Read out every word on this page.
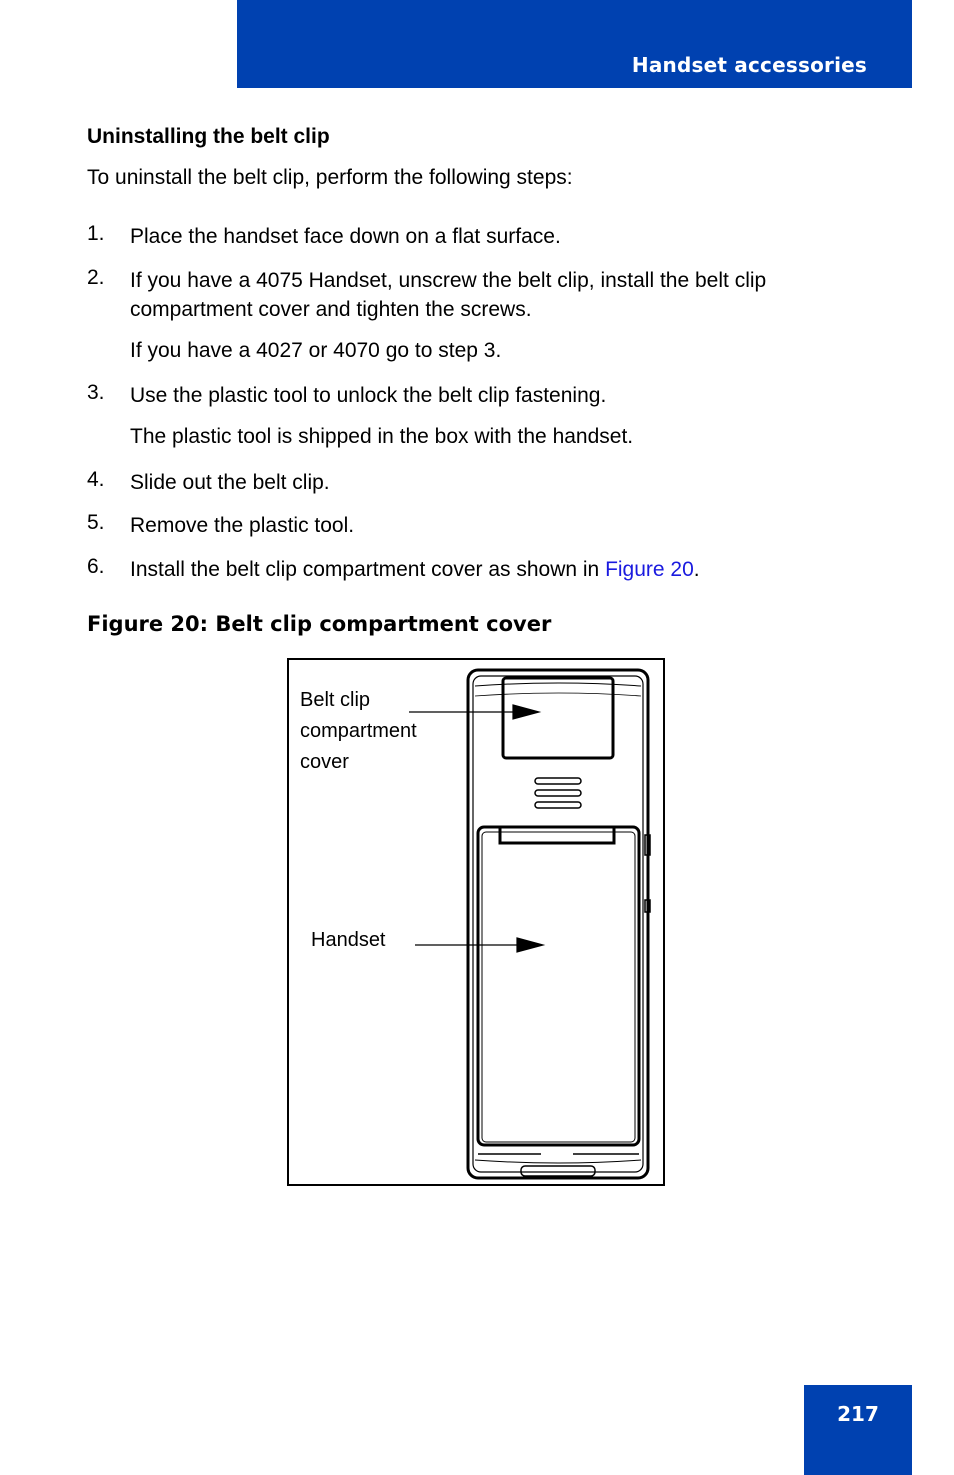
Handset accessories
Uninstalling the belt clip
To uninstall the belt clip, perform the following steps:
1. Place the handset face down on a flat surface.
2. If you have a 4075 Handset, unscrew the belt clip, install the belt clip
compartment cover and tighten the screws.
If you have a 4027 or 4070 go to step 3.
3. Use the plastic tool to unlock the belt clip fastening.
The plastic tool is shipped in the box with the handset.
4. Slide out the belt clip.
5. Remove the plastic tool.
6. Install the belt clip compartment cover as shown in Figure 20.
Figure 20: Belt clip compartment cover
Belt clip
compartment
cover
Handset
217
